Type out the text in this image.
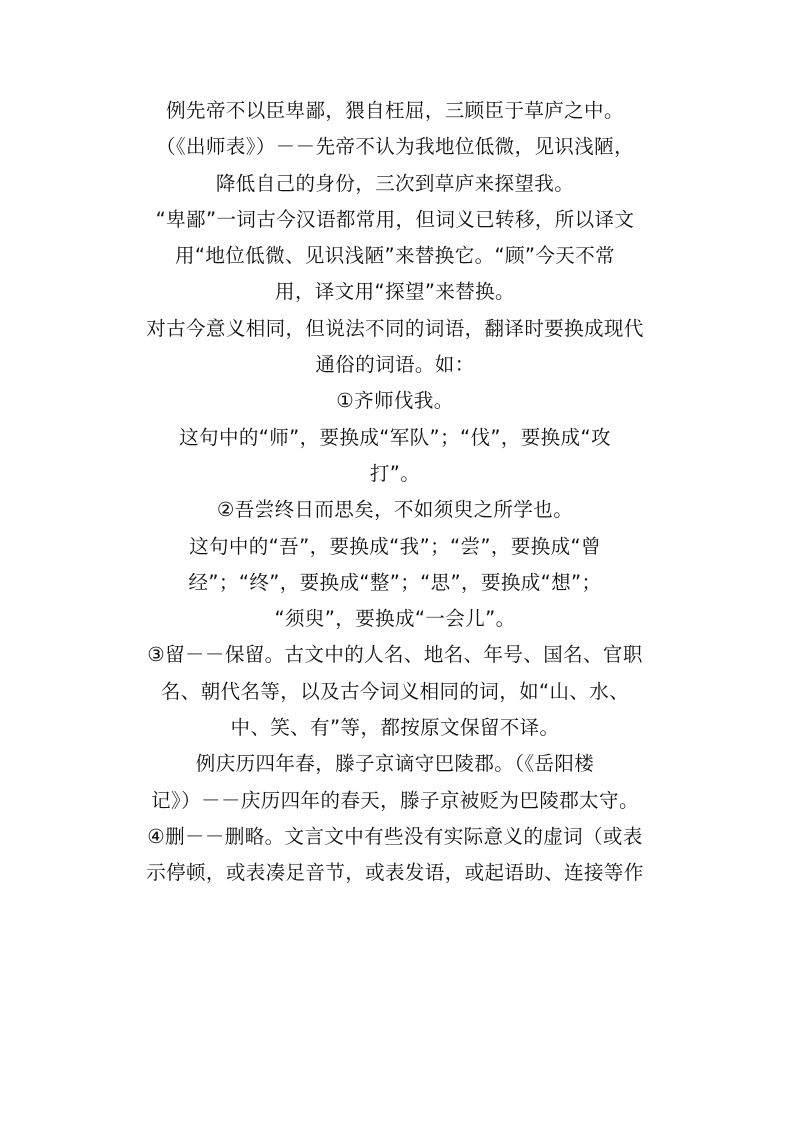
例先帝不以臣卑鄙，猥自枉屈，三顾臣于草庐之中。
（《出师表》）－－先帝不认为我地位低微，见识浅陋，
降低自己的身份，三次到草庐来探望我。
“卑鄙”一词古今汉语都常用，但词义已转移，所以译文
用“地位低微、见识浅陋”来替换它。“顾”今天不常
用，译文用“探望”来替换。
对古今意义相同，但说法不同的词语，翻译时要换成现代
通俗的词语。如：
①齐师伐我。
这句中的“师”，要换成“军队”；“伐”，要换成“攻
打”。
②吾尝终日而思矣，不如须臾之所学也。
这句中的“吾”，要换成“我”；“尝”，要换成“曾
经”；“终”，要换成“整”；“思”，要换成“想”；
“须臾”，要换成“一会儿”。
③留－－保留。古文中的人名、地名、年号、国名、官职
名、朝代名等，以及古今词义相同的词，如“山、水、
中、笑、有”等，都按原文保留不译。
例庆历四年春，滕子京谪守巴陵郡。（《岳阳楼
记》）－－庆历四年的春天，滕子京被贬为巴陵郡太守。
④删－－删略。文言文中有些没有实际意义的虚词（或表
示停顿，或表凑足音节，或表发语，或起语助、连接等作
